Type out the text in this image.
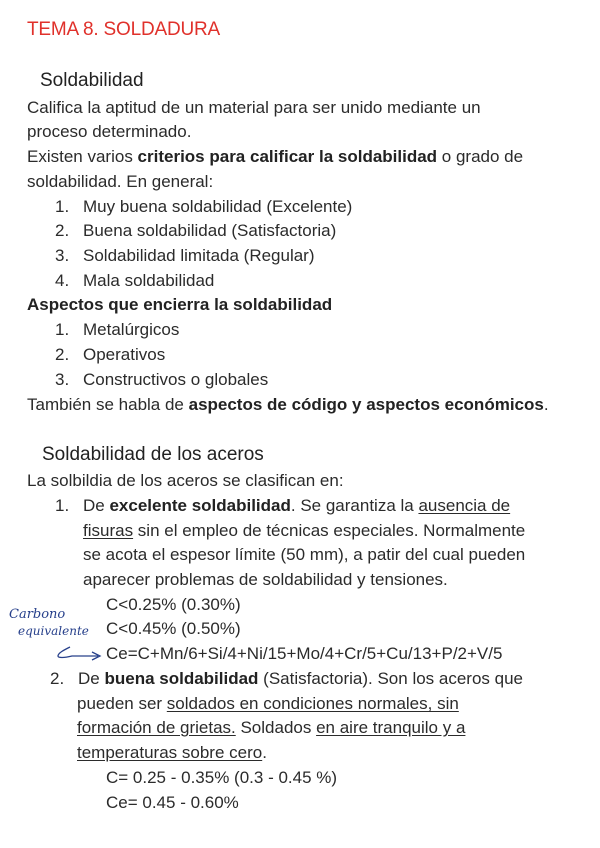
TEMA 8. SOLDADURA
Soldabilidad
Califica la aptitud de un material para ser unido mediante un
proceso determinado.
Existen varios criterios para calificar la soldabilidad o grado de
soldabilidad. En general:
1. Muy buena soldabilidad (Excelente)
2. Buena soldabilidad (Satisfactoria)
3. Soldabilidad limitada (Regular)
4. Mala soldabilidad
Aspectos que encierra la soldabilidad
1. Metalúrgicos
2. Operativos
3. Constructivos o globales
También se habla de aspectos de código y aspectos económicos.
Soldabilidad de los aceros
La solbildia de los aceros se clasifican en:
1. De excelente soldabilidad. Se garantiza la ausencia de
fisuras sin el empleo de técnicas especiales. Normalmente
se acota el espesor límite (50 mm), a patir del cual pueden
aparecer problemas de soldabilidad y tensiones.
C<0.25% (0.30%)
C<0.45% (0.50%)
Ce=C+Mn/6+Si/4+Ni/15+Mo/4+Cr/5+Cu/13+P/2+V/5
Carbono
equivalente
2. De buena soldabilidad (Satisfactoria). Son los aceros que
pueden ser soldados en condiciones normales, sin
formación de grietas. Soldados en aire tranquilo y a
temperaturas sobre cero.
C= 0.25 - 0.35% (0.3 - 0.45 %)
Ce= 0.45 - 0.60%
